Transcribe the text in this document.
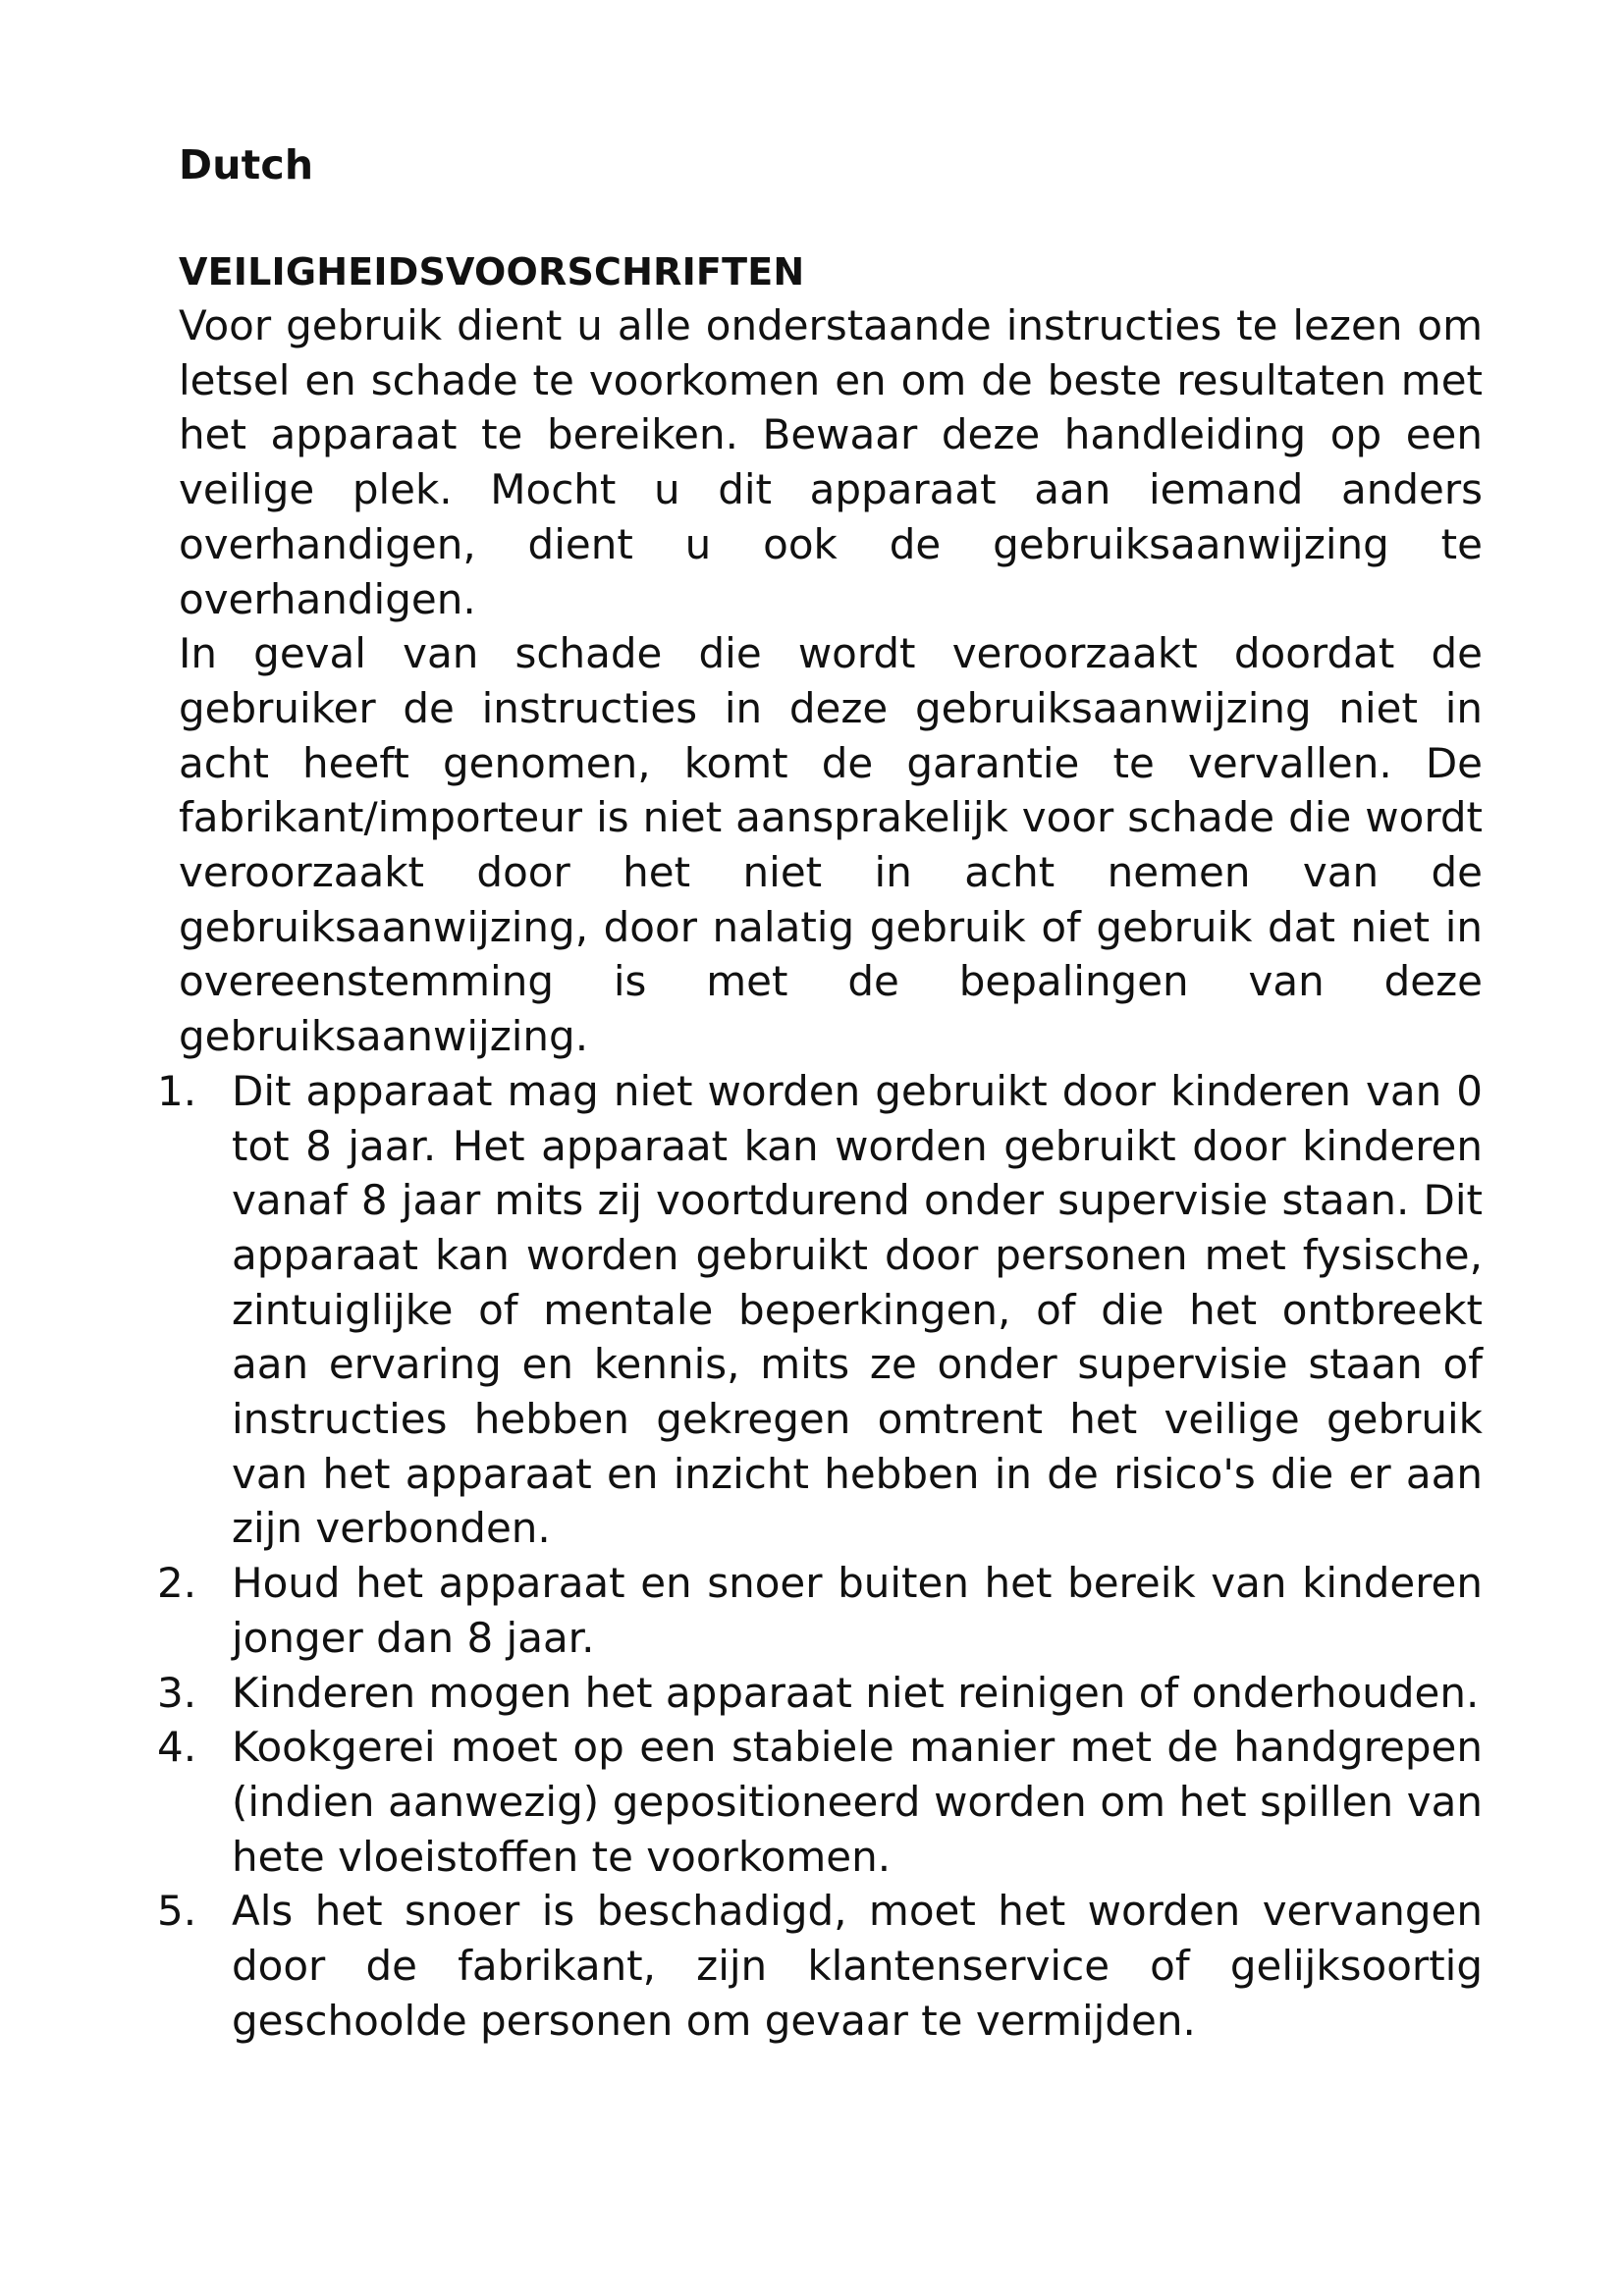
Dutch
VEILIGHEIDSVOORSCHRIFTEN

Voor gebruik dient u alle onderstaande instructies te lezen om letsel en schade te voorkomen en om de beste resultaten met het apparaat te bereiken. Bewaar deze handleiding op een veilige plek. Mocht u dit apparaat aan iemand anders overhandigen, dient u ook de gebruiksaanwijzing te overhandigen.

In geval van schade die wordt veroorzaakt doordat de gebruiker de instructies in deze gebruiksaanwijzing niet in acht heeft genomen, komt de garantie te vervallen. De fabrikant/importeur is niet aansprakelijk voor schade die wordt veroorzaakt door het niet in acht nemen van de gebruiksaanwijzing, door nalatig gebruik of gebruik dat niet in overeenstemming is met de bepalingen van deze gebruiksaanwijzing.

1. Dit apparaat mag niet worden gebruikt door kinderen van 0 tot 8 jaar. Het apparaat kan worden gebruikt door kinderen vanaf 8 jaar mits zij voortdurend onder supervisie staan. Dit apparaat kan worden gebruikt door personen met fysische, zintuiglijke of mentale beperkingen, of die het ontbreekt aan ervaring en kennis, mits ze onder supervisie staan of instructies hebben gekregen omtrent het veilige gebruik van het apparaat en inzicht hebben in de risico's die er aan zijn verbonden.
2. Houd het apparaat en snoer buiten het bereik van kinderen jonger dan 8 jaar.
3. Kinderen mogen het apparaat niet reinigen of onderhouden.
4. Kookgerei moet op een stabiele manier met de handgrepen (indien aanwezig) gepositioneerd worden om het spillen van hete vloeistoffen te voorkomen.
5. Als het snoer is beschadigd, moet het worden vervangen door de fabrikant, zijn klantenservice of gelijksoortig geschoolde personen om gevaar te vermijden.
